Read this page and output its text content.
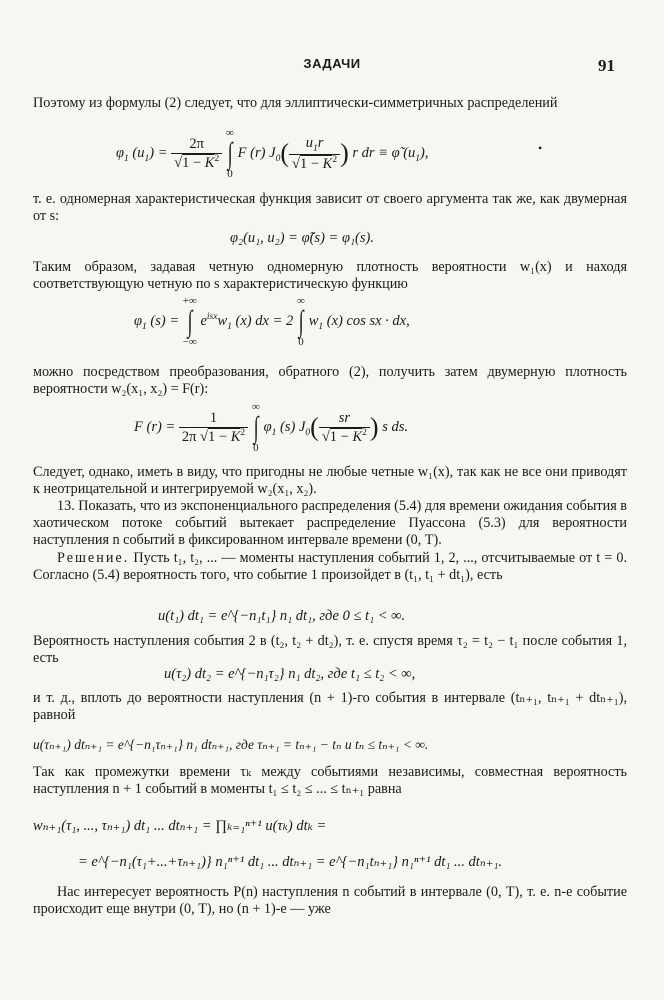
ЗАДАЧИ	91
•
Поэтому из формулы (2) следует, что для эллиптически-симметричных распределений
$\varphi_1$ $(u_1) = \frac{2\pi}{√1 - K^2}$

∞
∫
0
F (r) $J_0( \frac{u_1r}{√1 - K^2}$ ) r dr ≡ φ̃ $(u_1)$,
т. е. одномерная характеристическая функция зависит от своего аргумента так же, как двумерная от s:
φ₂(u₁, u₂) = φ̃(s) = φ₁(s).
Таким образом, задавая четную одномерную плотность вероятности w₁(x) и находя соответствующую четную по s характеристическую функцию
$\varphi_1$ (s) =
+∞
∫
−∞
$e^{isx}w_1$ (x) dx = 2
∞
∫
0
$w_1$ (x) cos sx · dx,
можно посредством преобразования, обратного (2), получить затем двумерную плотность вероятности w₂(x₁, x₂) = F(r):
F $(r) = \frac{1}{2\pi √1 - K^2}$

∞
∫
0
$\varphi_1$ (s) $J_0( \frac{sr}{√1 - K^2}$ ) s ds.
Следует, однако, иметь в виду, что пригодны не любые четные w₁(x), так как не все они приводят к неотрицательной и интегрируемой w₂(x₁, x₂).
13. Показать, что из экспоненциального распределения (5.4) для времени ожидания события в хаотическом потоке событий вытекает распределение Пуассона (5.3) для вероятности наступления n событий в фиксированном интервале времени (0, T).
Решение. Пусть t₁, t₂, ... — моменты наступления событий 1, 2, ..., отсчитываемые от t = 0. Согласно (5.4) вероятность того, что событие 1 произойдет в (t₁, t₁ + dt₁), есть
u(t₁) dt₁ = e^{−n₁t₁} n₁ dt₁, где 0 ≤ t₁ < ∞.
Вероятность наступления события 2 в (t₂, t₂ + dt₂), т. е. спустя время τ₂ = t₂ − t₁ после события 1, есть
u(τ₂) dt₂ = e^{−n₁τ₂} n₁ dt₂, где t₁ ≤ t₂ < ∞,
и т. д., вплоть до вероятности наступления (n + 1)-го события в интервале (tₙ₊₁, tₙ₊₁ + dtₙ₊₁), равной
u(τₙ₊₁) dtₙ₊₁ = e^{−n₁τₙ₊₁} n₁ dtₙ₊₁, где τₙ₊₁ = tₙ₊₁ − tₙ и tₙ ≤ tₙ₊₁ < ∞.
Так как промежутки времени τₖ между событиями независимы, совместная вероятность наступления n + 1 событий в моменты t₁ ≤ t₂ ≤ ... ≤ tₙ₊₁ равна
wₙ₊₁(τ₁, ..., τₙ₊₁) dt₁ ... dtₙ₊₁ = ∏ₖ₌₁ⁿ⁺¹ u(τₖ) dtₖ =
= e^{−n₁(τ₁+...+τₙ₊₁)} n₁ⁿ⁺¹ dt₁ ... dtₙ₊₁ = e^{−n₁tₙ₊₁} n₁ⁿ⁺¹ dt₁ ... dtₙ₊₁.
Нас интересует вероятность P(n) наступления n событий в интервале (0, T), т. е. n-е событие происходит еще внутри (0, T), но (n + 1)-е — уже
